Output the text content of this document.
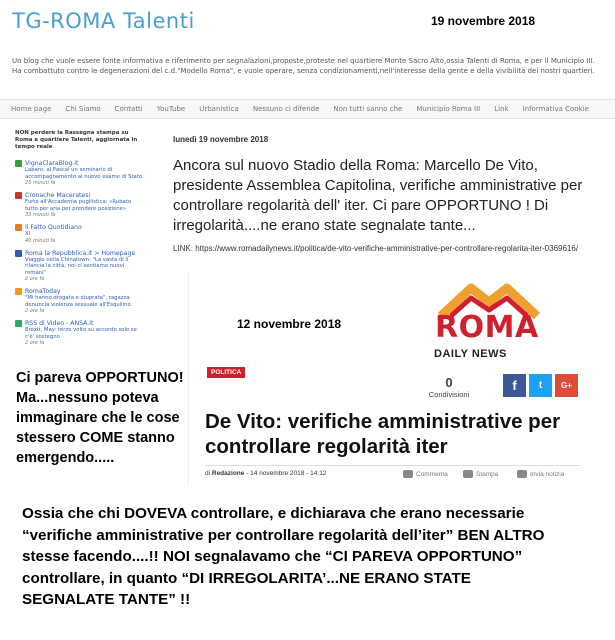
TG-ROMA Talenti	19 novembre 2018
Un blog che vuole essere fonte informativa e riferimento per segnalazioni,proposte,proteste nel quartiere Monte Sacro Alto,ossia Talenti di Roma, e per il Municipio III. Ha combattuto contro le degenerazioni del c.d."Modello Roma", e vuole operare, senza condizionamenti,nell'interesse della gente e della vivibilità dei nostri quartieri.
Home page	Chi Siamo	Contatti	YouTube	Urbanistica	Nessuno ci difende	Non tutti sanno che	Municipio Roma III	Link	Informativa Cookie
NON perdere la Rassegna stampa su Roma e quartiere Talenti, aggiornata in tempo reale
VignaClaraBlog.it
Labaro, al Pascal un seminario di accompagnamento al nuovo esame di Stato
25 minuti fa
Cronache Maceratesi
Furto all'Accademia pugilistica: «Rubato tutto per aria per prendere posizione»
33 minuti fa
Il Fatto Quotidiano
XI
40 minuti fa
Roma la Repubblica.it > Homepage
Viaggio nella Chinatown: "La vasta di lì rilancia la città, noi ci sentiamo nuovi romani"
2 ore fa
RomaToday
"Mi hanno drogata e stuprata", ragazza denuncia violenza sessuale all'Esquilino
2 ore fa
RSS di Video - ANSA.it
Brexit, May: terzo volto su accordo solo se c'è' sostegno
2 ore fa
Ci pareva OPPORTUNO!
Ma...nessuno poteva
immaginare che le cose
stessero COME stanno
emergendo.....
lunedì 19 novembre 2018
Ancora sul nuovo Stadio della Roma: Marcello De Vito, presidente Assemblea Capitolina, verifiche amministrative per controllare regolarità dell' iter. Ci pare OPPORTUNO ! Di irregolarità....ne erano state segnalate tante...
LINK: https://www.romadailynews.it/politica/de-vito-verifiche-amministrative-per-controllare-regolarita-iter-0369616/
ROMA
DAILY NEWS
12 novembre 2018
POLITICA
0
Condivisioni
f	t	G+
De Vito: verifiche amministrative per controllare regolarità iter
di Redazione - 14 novembre 2018 - 14:12	Commenta	Stampa	Invia notizia
Ossia che chi DOVEVA controllare, e dichiarava che erano necessarie
“verifiche amministrative per controllare regolarità dell’iter” BEN ALTRO
stesse facendo....!! NOI segnalavamo che “CI PAREVA OPPORTUNO”
controllare, in quanto “DI IRREGOLARITA’...NE ERANO STATE
SEGNALATE TANTE” !!
